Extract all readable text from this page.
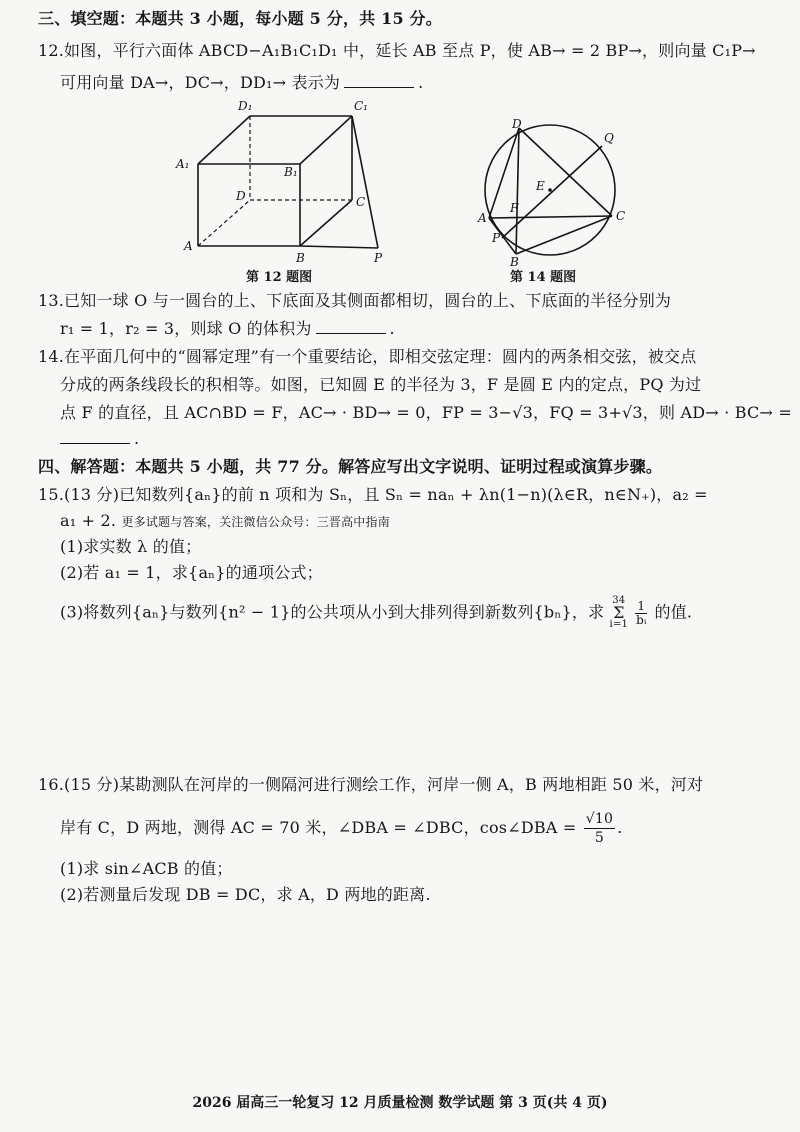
三、填空题：本题共 3 小题，每小题 5 分，共 15 分。
12.如图，平行六面体 ABCD−A₁B₁C₁D₁ 中，延长 AB 至点 P，使 AB→ = 2 BP→，则向量 C₁P→
可用向量 DA→，DC→，DD₁→ 表示为	.
D₁	C₁
A₁
B₁
D	C
A
B	P
第 12 题图
D
Q
E
F
A	C
P
B
第 14 题图
13.已知一球 O 与一圆台的上、下底面及其侧面都相切，圆台的上、下底面的半径分别为
r₁ = 1，r₂ = 3，则球 O 的体积为	.
14.在平面几何中的“圆幂定理”有一个重要结论，即相交弦定理：圆内的两条相交弦，被交点
分成的两条线段长的积相等。如图，已知圆 E 的半径为 3，F 是圆 E 内的定点，PQ 为过
点 F 的直径，且 AC∩BD = F，AC→ · BD→ = 0，FP = 3−√3，FQ = 3+√3，则 AD→ · BC→ =
.
四、解答题：本题共 5 小题，共 77 分。解答应写出文字说明、证明过程或演算步骤。
15.(13 分)已知数列{aₙ}的前 n 项和为 Sₙ，且 Sₙ = naₙ + λn(1−n)(λ∈R，n∈N₊)，a₂ =
a₁ + 2. 更多试题与答案，关注微信公众号：三晋高中指南
(1)求实数 λ 的值；
(2)若 a₁ = 1，求{aₙ}的通项公式；
(3)将数列{aₙ}与数列{n² − 1}的公共项从小到大排列得到新数列{bₙ}，求
34
Σ
i=1
$\frac{1}{\text{bᵢ}}$ 的值.
16.(15 分)某勘测队在河岸的一侧隔河进行测绘工作，河岸一侧 A，B 两地相距 50 米，河对
岸有 C，D 两地，测得 AC = 70 米，∠DBA = ∠DBC，cos∠DBA = $\frac{√10}{5}$ .
(1)求 sin∠ACB 的值；
(2)若测量后发现 DB = DC，求 A，D 两地的距离.
2026 届高三一轮复习 12 月质量检测 数学试题 第 3 页(共 4 页)
